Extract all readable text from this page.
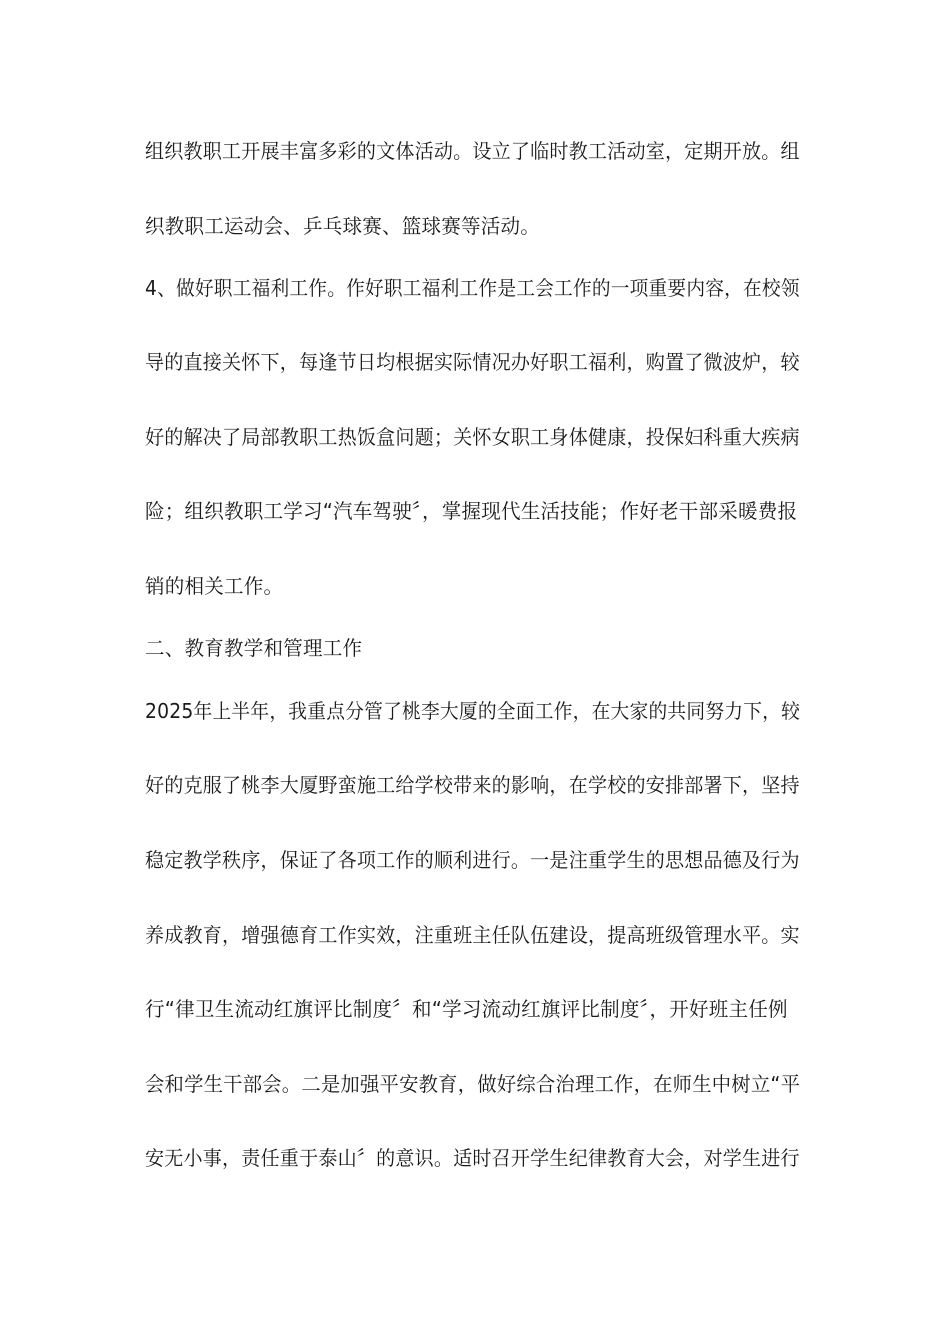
组织教职工开展丰富多彩的文体活动。设立了临时教工活动室，定期开放。组
织教职工运动会、乒乓球赛、篮球赛等活动。
4、做好职工福利工作。作好职工福利工作是工会工作的一项重要内容，在校领
导的直接关怀下，每逢节日均根据实际情况办好职工福利，购置了微波炉，较
好的解决了局部教职工热饭盒问题；关怀女职工身体健康，投保妇科重大疾病
险；组织教职工学习“汽车驾驶〞，掌握现代生活技能；作好老干部采暖费报
销的相关工作。
二、教育教学和管理工作
2025年上半年，我重点分管了桃李大厦的全面工作，在大家的共同努力下，较
好的克服了桃李大厦野蛮施工给学校带来的影响，在学校的安排部署下，坚持
稳定教学秩序，保证了各项工作的顺利进行。一是注重学生的思想品德及行为
养成教育，增强德育工作实效，注重班主任队伍建设，提高班级管理水平。实
行“律卫生流动红旗评比制度〞和“学习流动红旗评比制度〞，开好班主任例
会和学生干部会。二是加强平安教育，做好综合治理工作，在师生中树立“平
安无小事，责任重于泰山〞的意识。适时召开学生纪律教育大会，对学生进行
